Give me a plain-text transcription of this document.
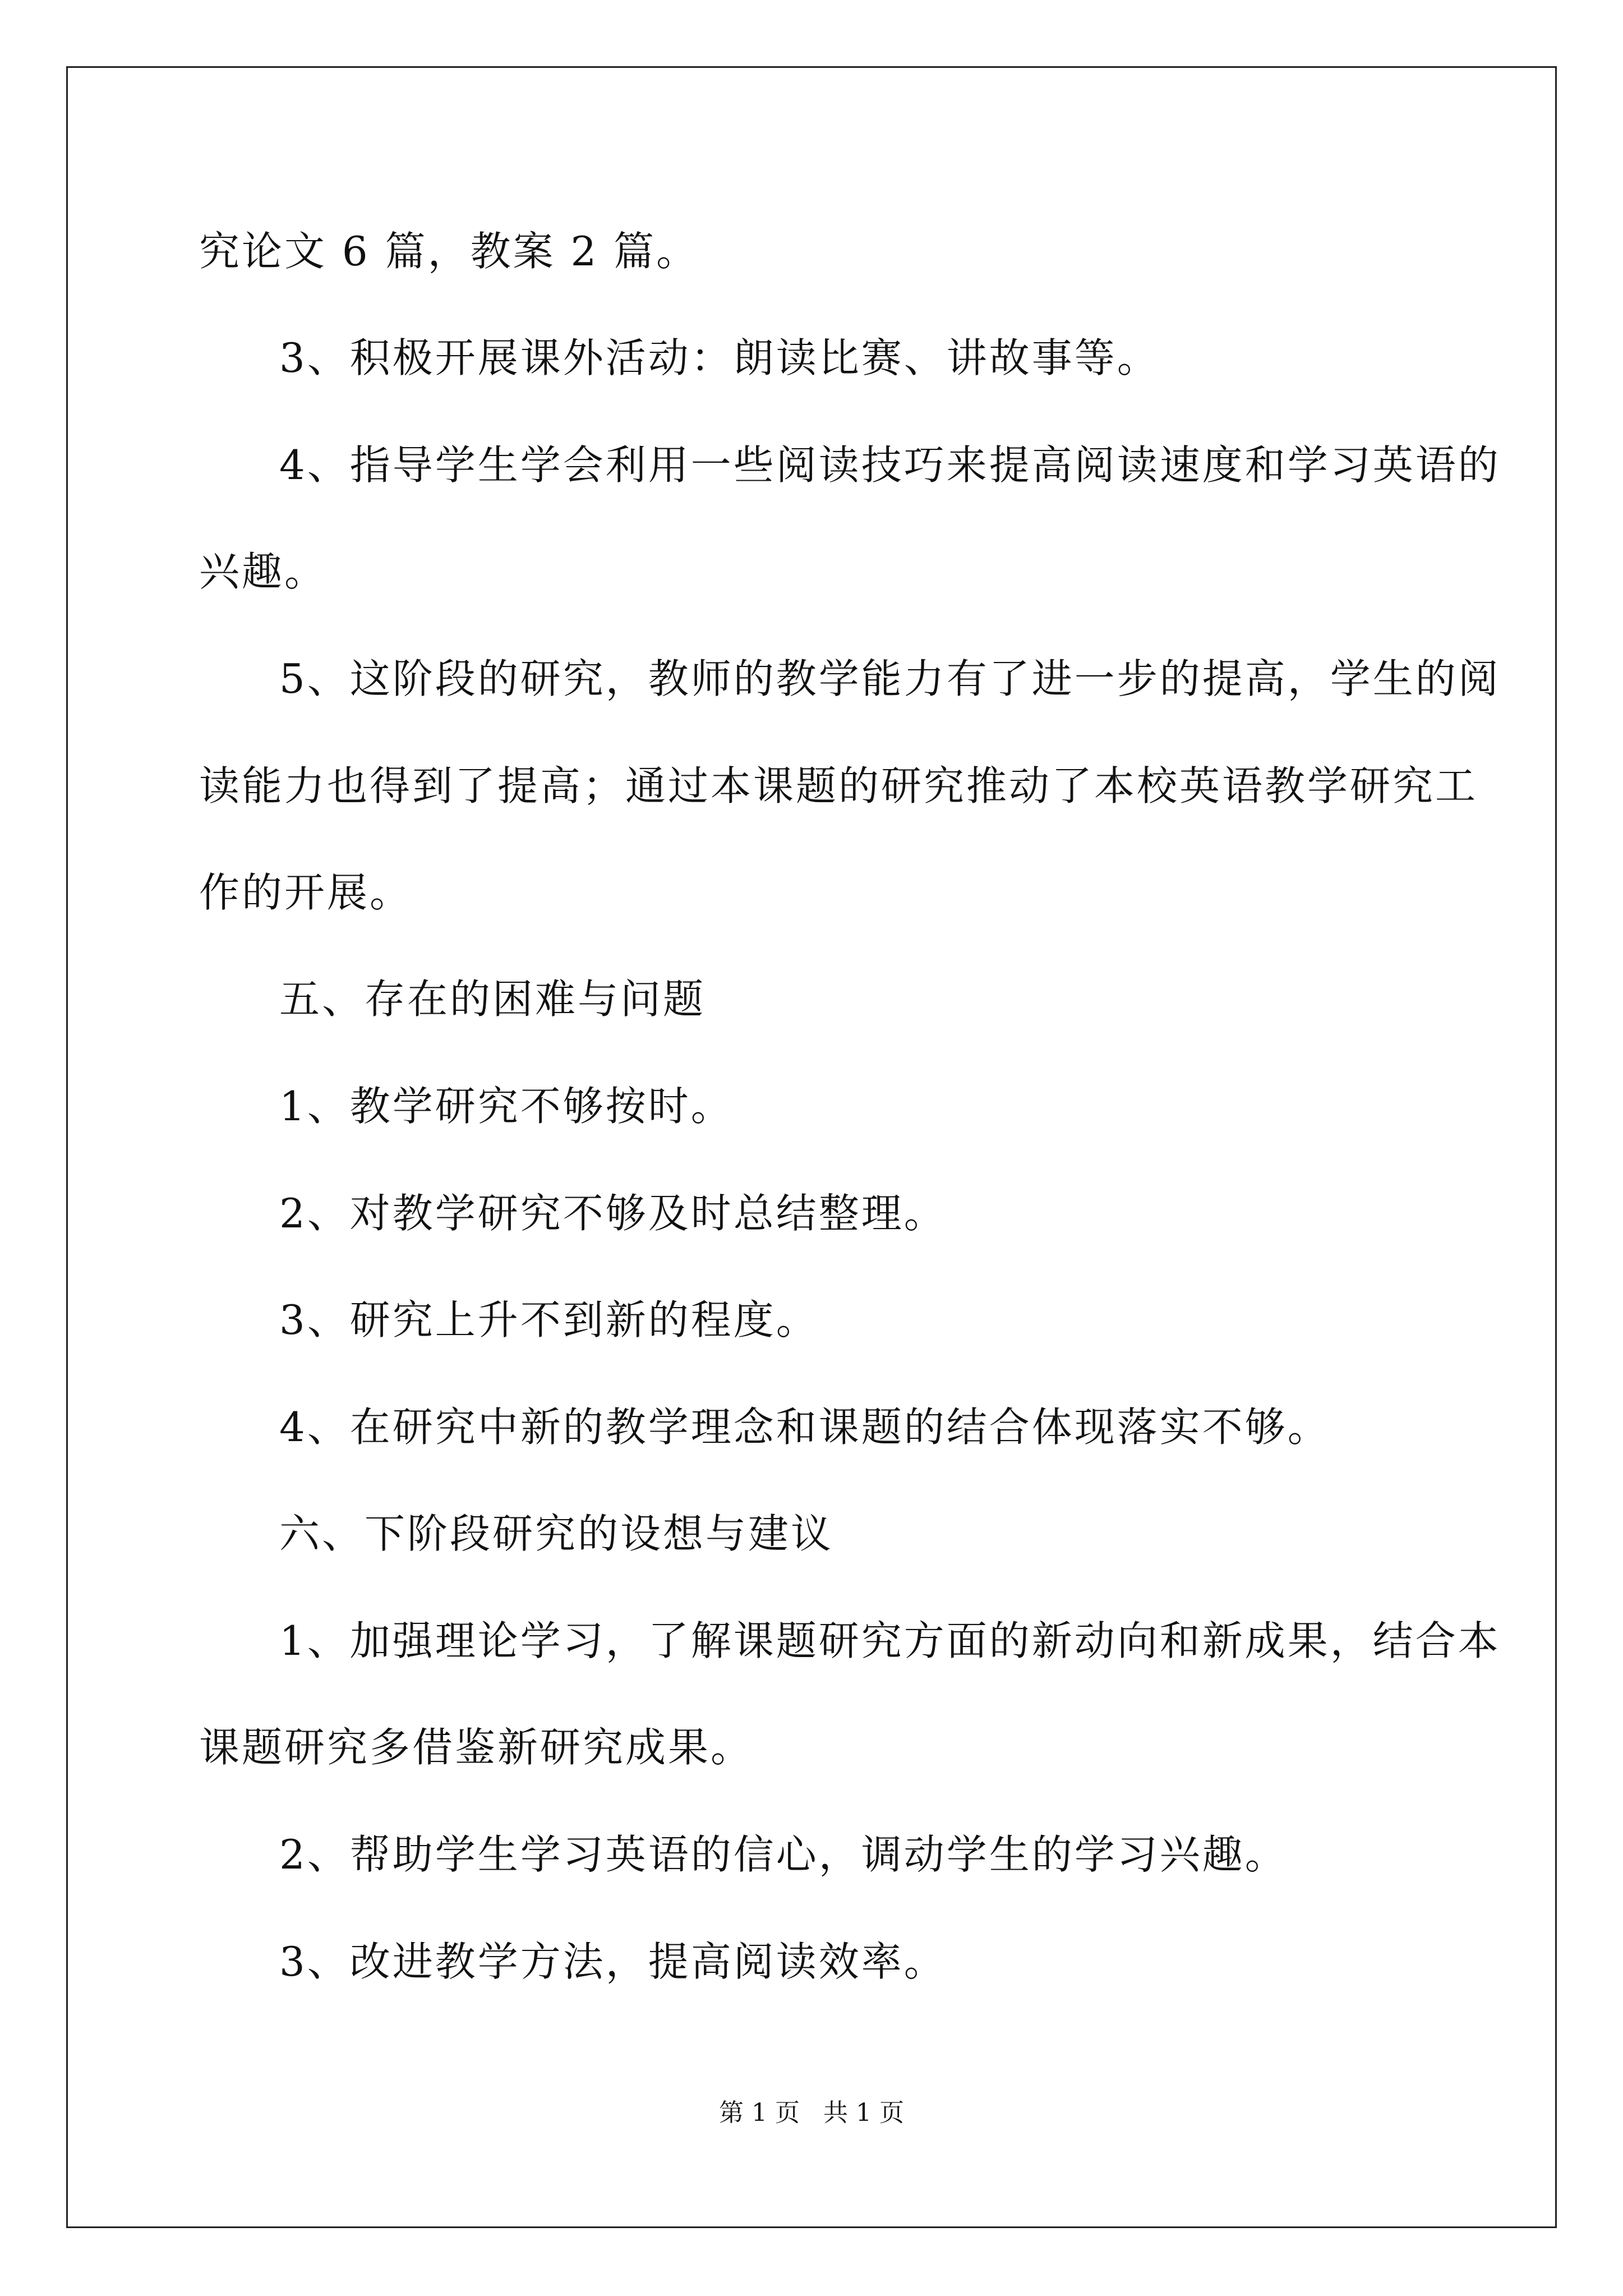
究论文 6 篇，教案 2 篇。
3、积极开展课外活动：朗读比赛、讲故事等。
4、指导学生学会利用一些阅读技巧来提高阅读速度和学习英语的
兴趣。
5、这阶段的研究，教师的教学能力有了进一步的提高，学生的阅
读能力也得到了提高；通过本课题的研究推动了本校英语教学研究工
作的开展。
五、存在的困难与问题
1、教学研究不够按时。
2、对教学研究不够及时总结整理。
3、研究上升不到新的程度。
4、在研究中新的教学理念和课题的结合体现落实不够。
六、下阶段研究的设想与建议
1、加强理论学习，了解课题研究方面的新动向和新成果，结合本
课题研究多借鉴新研究成果。
2、帮助学生学习英语的信心，调动学生的学习兴趣。
3、改进教学方法，提高阅读效率。
第 1 页   共 1 页
